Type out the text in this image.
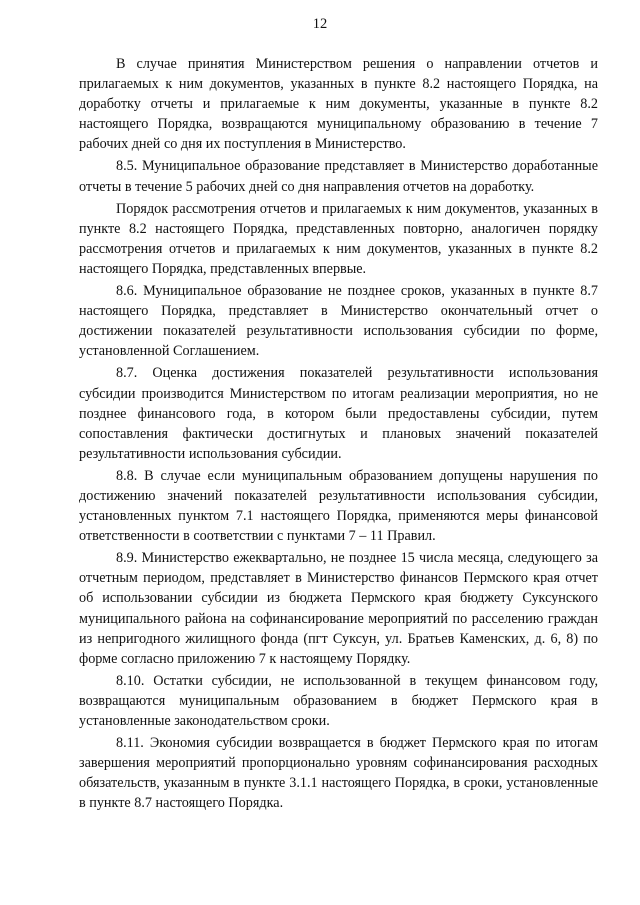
12

В случае принятия Министерством решения о направлении отчетов и прилагаемых к ним документов, указанных в пункте 8.2 настоящего Порядка, на доработку отчеты и прилагаемые к ним документы, указанные в пункте 8.2 настоящего Порядка, возвращаются муниципальному образованию в течение 7 рабочих дней со дня их поступления в Министерство.

8.5. Муниципальное образование представляет в Министерство доработанные отчеты в течение 5 рабочих дней со дня направления отчетов на доработку.

Порядок рассмотрения отчетов и прилагаемых к ним документов, указанных в пункте 8.2 настоящего Порядка, представленных повторно, аналогичен порядку рассмотрения отчетов и прилагаемых к ним документов, указанных в пункте 8.2 настоящего Порядка, представленных впервые.

8.6. Муниципальное образование не позднее сроков, указанных в пункте 8.7 настоящего Порядка, представляет в Министерство окончательный отчет о достижении показателей результативности использования субсидии по форме, установленной Соглашением.

8.7. Оценка достижения показателей результативности использования субсидии производится Министерством по итогам реализации мероприятия, но не позднее финансового года, в котором были предоставлены субсидии, путем сопоставления фактически достигнутых и плановых значений показателей результативности использования субсидии.

8.8. В случае если муниципальным образованием допущены нарушения по достижению значений показателей результативности использования субсидии, установленных пунктом 7.1 настоящего Порядка, применяются меры финансовой ответственности в соответствии с пунктами 7 – 11 Правил.

8.9. Министерство ежеквартально, не позднее 15 числа месяца, следующего за отчетным периодом, представляет в Министерство финансов Пермского края отчет об использовании субсидии из бюджета Пермского края бюджету Суксунского муниципального района на софинансирование мероприятий по расселению граждан из непригодного жилищного фонда (пгт Суксун, ул. Братьев Каменских, д. 6, 8) по форме согласно приложению 7 к настоящему Порядку.

8.10. Остатки субсидии, не использованной в текущем финансовом году, возвращаются муниципальным образованием в бюджет Пермского края в установленные законодательством сроки.

8.11. Экономия субсидии возвращается в бюджет Пермского края по итогам завершения мероприятий пропорционально уровням софинансирования расходных обязательств, указанным в пункте 3.1.1 настоящего Порядка, в сроки, установленные в пункте 8.7 настоящего Порядка.
